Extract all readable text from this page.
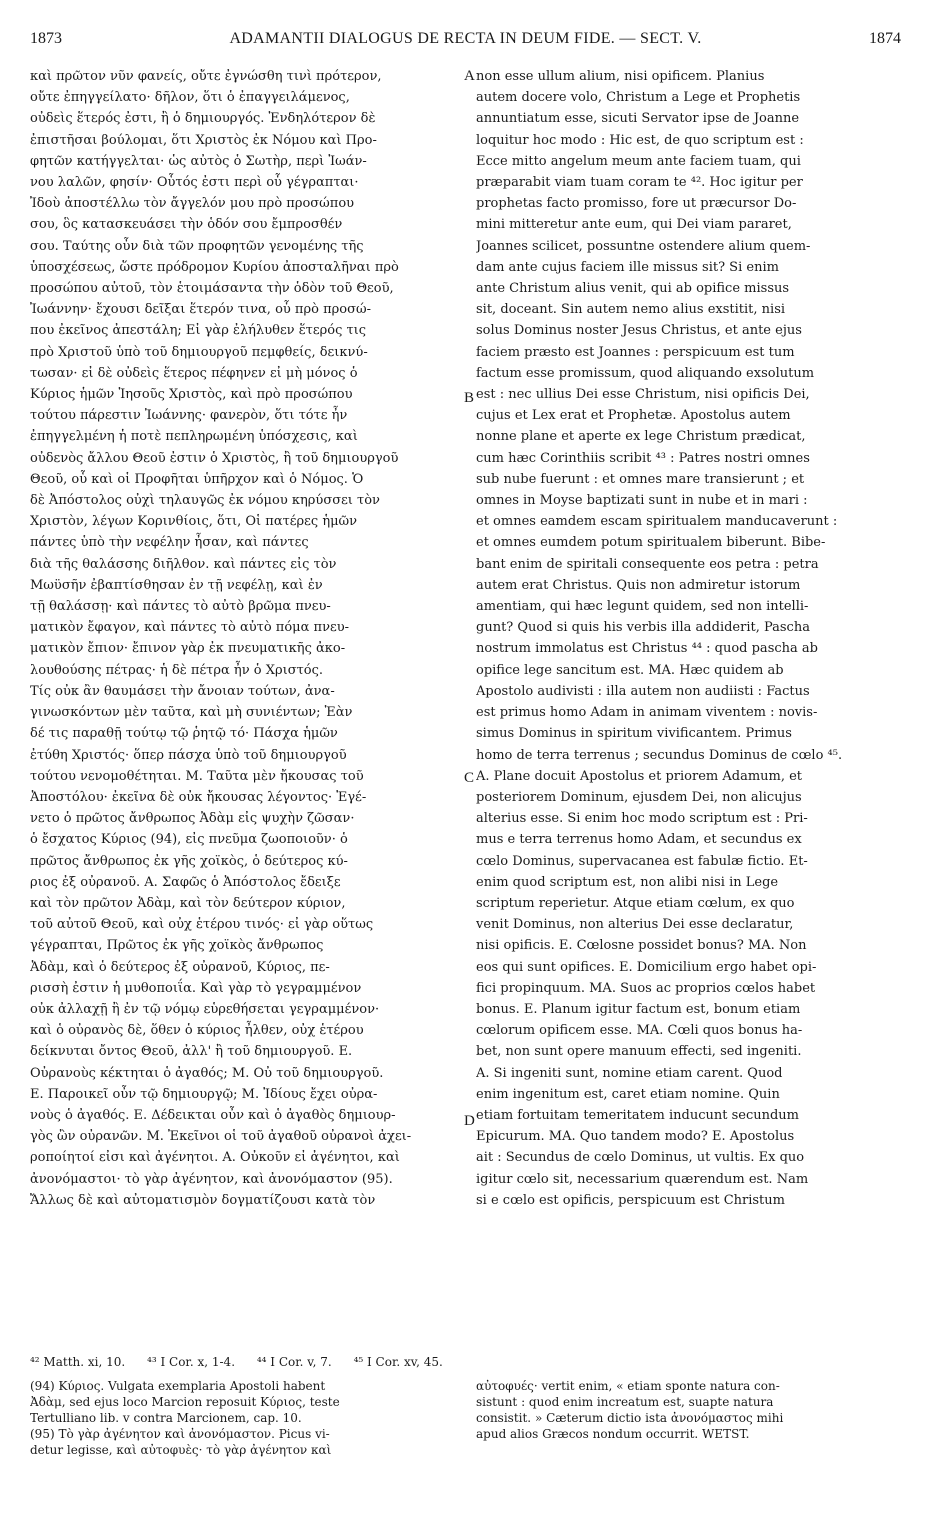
1873	ADAMANTII DIALOGUS DE RECTA IN DEUM FIDE. — SECT. V.	1874
καὶ πρῶτον νῦν φανείς, οὔτε ἐγνώσθη τινὶ πρότερον,
οὔτε ἐπηγγείλατο· δῆλον, ὅτι ὁ ἐπαγγειλάμενος,
οὐδεὶς ἕτερός ἐστι, ἢ ὁ δημιουργός. Ἐνδηλότερον δὲ
ἐπιστῆσαι βούλομαι, ὅτι Χριστὸς ἐκ Νόμου καὶ Προ-
φητῶν κατήγγελται· ὡς αὐτὸς ὁ Σωτὴρ, περὶ Ἰωάν-
νου λαλῶν, φησίν· Οὗτός ἐστι περὶ οὗ γέγραπται·
Ἰδοὺ ἀποστέλλω τὸν ἄγγελόν μου πρὸ προσώπου
σου, ὃς κατασκευάσει τὴν ὁδόν σου ἔμπροσθέν
σου. Ταύτης οὖν διὰ τῶν προφητῶν γενομένης τῆς
ὑποσχέσεως, ὥστε πρόδρομον Κυρίου ἀποσταλῆναι πρὸ
προσώπου αὐτοῦ, τὸν ἑτοιμάσαντα τὴν ὁδὸν τοῦ Θεοῦ,
Ἰωάννην· ἔχουσι δεῖξαι ἕτερόν τινα, οὗ πρὸ προσώ-
που ἐκεῖνος ἀπεστάλη; Εἰ γὰρ ἐλήλυθεν ἕτερός τις
πρὸ Χριστοῦ ὑπὸ τοῦ δημιουργοῦ πεμφθείς, δεικνύ-
τωσαν· εἰ δὲ οὐδεὶς ἕτερος πέφηνεν εἰ μὴ μόνος ὁ
Κύριος ἡμῶν Ἰησοῦς Χριστὸς, καὶ πρὸ προσώπου
τούτου πάρεστιν Ἰωάννης· φανερὸν, ὅτι τότε ἦν
ἐπηγγελμένη ἡ ποτὲ πεπληρωμένη ὑπόσχεσις, καὶ
οὐδενὸς ἄλλου Θεοῦ ἐστιν ὁ Χριστὸς, ἢ τοῦ δημιουργοῦ
Θεοῦ, οὗ καὶ οἱ Προφῆται ὑπῆρχον καὶ ὁ Νόμος. Ὁ
δὲ Ἀπόστολος οὐχὶ τηλαυγῶς ἐκ νόμου κηρύσσει τὸν
Χριστὸν, λέγων Κορινθίοις, ὅτι, Οἱ πατέρες ἡμῶν
πάντες ὑπὸ τὴν νεφέλην ἦσαν, καὶ πάντες
διὰ τῆς θαλάσσης διῆλθον. καὶ πάντες εἰς τὸν
Μωϋσῆν ἐβαπτίσθησαν ἐν τῇ νεφέλῃ, καὶ ἐν
τῇ θαλάσσῃ· καὶ πάντες τὸ αὐτὸ βρῶμα πνευ-
ματικὸν ἔφαγον, καὶ πάντες τὸ αὐτὸ πόμα πνευ-
ματικὸν ἔπιον· ἔπινον γὰρ ἐκ πνευματικῆς ἀκο-
λουθούσης πέτρας· ἡ δὲ πέτρα ἦν ὁ Χριστός.
Τίς οὐκ ἂν θαυμάσει τὴν ἄνοιαν τούτων, ἀνα-
γινωσκόντων μὲν ταῦτα, καὶ μὴ συνιέντων; Ἐὰν
δέ τις παραθῇ τούτῳ τῷ ῥητῷ τό· Πάσχα ἡμῶν
ἐτύθη Χριστός· ὅπερ πάσχα ὑπὸ τοῦ δημιουργοῦ
τούτου νενομοθέτηται. Μ. Ταῦτα μὲν ἤκουσας τοῦ
Ἀποστόλου· ἐκεῖνα δὲ οὐκ ἤκουσας λέγοντος· Ἐγέ-
νετο ὁ πρῶτος ἄνθρωπος Ἀδὰμ εἰς ψυχὴν ζῶσαν·
ὁ ἔσχατος Κύριος (94), εἰς πνεῦμα ζωοποιοῦν· ὁ
πρῶτος ἄνθρωπος ἐκ γῆς χοϊκὸς, ὁ δεύτερος κύ-
ριος ἐξ οὐρανοῦ. Α. Σαφῶς ὁ Ἀπόστολος ἔδειξε
καὶ τὸν πρῶτον Ἀδὰμ, καὶ τὸν δεύτερον κύριον,
τοῦ αὐτοῦ Θεοῦ, καὶ οὐχ ἑτέρου τινός· εἰ γὰρ οὕτως
γέγραπται, Πρῶτος ἐκ γῆς χοϊκὸς ἄνθρωπος
Ἀδὰμ, καὶ ὁ δεύτερος ἐξ οὐρανοῦ, Κύριος, πε-
ρισσὴ ἐστιν ἡ μυθοποιΐα. Καὶ γὰρ τὸ γεγραμμένον
οὐκ ἀλλαχῇ ἢ ἐν τῷ νόμῳ εὑρεθήσεται γεγραμμένον·
καὶ ὁ οὐρανὸς δὲ, ὅθεν ὁ κύριος ἦλθεν, οὐχ ἑτέρου
δείκνυται ὄντος Θεοῦ, ἀλλ' ἢ τοῦ δημιουργοῦ. Ε.
Οὐρανοὺς κέκτηται ὁ ἀγαθός; Μ. Οὐ τοῦ δημιουργοῦ.
Ε. Παροικεῖ οὖν τῷ δημιουργῷ; Μ. Ἰδίους ἔχει οὐρα-
νοὺς ὁ ἀγαθός. Ε. Δέδεικται οὖν καὶ ὁ ἀγαθὸς δημιουρ-
γὸς ὢν οὐρανῶν. Μ. Ἐκεῖνοι οἱ τοῦ ἀγαθοῦ οὐρανοὶ ἀχει-
ροποίητοί εἰσι καὶ ἀγένητοι. Α. Οὐκοῦν εἰ ἀγένητοι, καὶ
ἀνονόμαστοι· τὸ γὰρ ἀγένητον, καὶ ἀνονόμαστον (95).
Ἄλλως δὲ καὶ αὐτοματισμὸν δογματίζουσι κατὰ τὸν
non esse ullum alium, nisi opificem. Planius
autem docere volo, Christum a Lege et Prophetis
annuntiatum esse, sicuti Servator ipse de Joanne
loquitur hoc modo : Hic est, de quo scriptum est :
Ecce mitto angelum meum ante faciem tuam, qui
præparabit viam tuam coram te ⁴². Hoc igitur per
prophetas facto promisso, fore ut præcursor Do-
mini mitteretur ante eum, qui Dei viam pararet,
Joannes scilicet, possuntne ostendere alium quem-
dam ante cujus faciem ille missus sit? Si enim
ante Christum alius venit, qui ab opifice missus
sit, doceant. Sin autem nemo alius exstitit, nisi
solus Dominus noster Jesus Christus, et ante ejus
faciem præsto est Joannes : perspicuum est tum
factum esse promissum, quod aliquando exsolutum
est : nec ullius Dei esse Christum, nisi opificis Dei,
cujus et Lex erat et Prophetæ. Apostolus autem
nonne plane et aperte ex lege Christum prædicat,
cum hæc Corinthiis scribit ⁴³ : Patres nostri omnes
sub nube fuerunt : et omnes mare transierunt ; et
omnes in Moyse baptizati sunt in nube et in mari :
et omnes eamdem escam spiritualem manducaverunt :
et omnes eumdem potum spiritualem biberunt. Bibe-
bant enim de spiritali consequente eos petra : petra
autem erat Christus. Quis non admiretur istorum
amentiam, qui hæc legunt quidem, sed non intelli-
gunt? Quod si quis his verbis illa addiderit, Pascha
nostrum immolatus est Christus ⁴⁴ : quod pascha ab
opifice lege sancitum est. MA. Hæc quidem ab
Apostolo audivisti : illa autem non audiisti : Factus
est primus homo Adam in animam viventem : novis-
simus Dominus in spiritum vivificantem. Primus
homo de terra terrenus ; secundus Dominus de cœlo ⁴⁵.
A. Plane docuit Apostolus et priorem Adamum, et
posteriorem Dominum, ejusdem Dei, non alicujus
alterius esse. Si enim hoc modo scriptum est : Pri-
mus e terra terrenus homo Adam, et secundus ex
cœlo Dominus, supervacanea est fabulæ fictio. Et-
enim quod scriptum est, non alibi nisi in Lege
scriptum reperietur. Atque etiam cœlum, ex quo
venit Dominus, non alterius Dei esse declaratur,
nisi opificis. E. Cœlosne possidet bonus? MA. Non
eos qui sunt opifices. E. Domicilium ergo habet opi-
fici propinquum. MA. Suos ac proprios cœlos habet
bonus. E. Planum igitur factum est, bonum etiam
cœlorum opificem esse. MA. Cœli quos bonus ha-
bet, non sunt opere manuum effecti, sed ingeniti.
A. Si ingeniti sunt, nomine etiam carent. Quod
enim ingenitum est, caret etiam nomine. Quin
etiam fortuitam temeritatem inducunt secundum
Epicurum. MA. Quo tandem modo? E. Apostolus
ait : Secundus de cœlo Dominus, ut vultis. Ex quo
igitur cœlo sit, necessarium quærendum est. Nam
si e cœlo est opificis, perspicuum est Christum
A
B
C
D
⁴² Matth. xi, 10. ⁴³ I Cor. x, 1-4. ⁴⁴ I Cor. v, 7. ⁴⁵ I Cor. xv, 45.
(94) Κύριος. Vulgata exemplaria Apostoli habent
Ἀδὰμ, sed ejus loco Marcion reposuit Κύριος, teste
Tertulliano lib. v contra Marcionem, cap. 10.
(95) Τὸ γὰρ ἀγένητον καὶ ἀνονόμαστον. Picus vi-
detur legisse, καὶ αὐτοφυὲς· τὸ γὰρ ἀγένητον καὶ
αὐτοφυές· vertit enim, « etiam sponte natura con-
sistunt : quod enim increatum est, suapte natura
consistit. » Cæterum dictio ista ἀνονόμαστος mihi
apud alios Græcos nondum occurrit. WETST.
